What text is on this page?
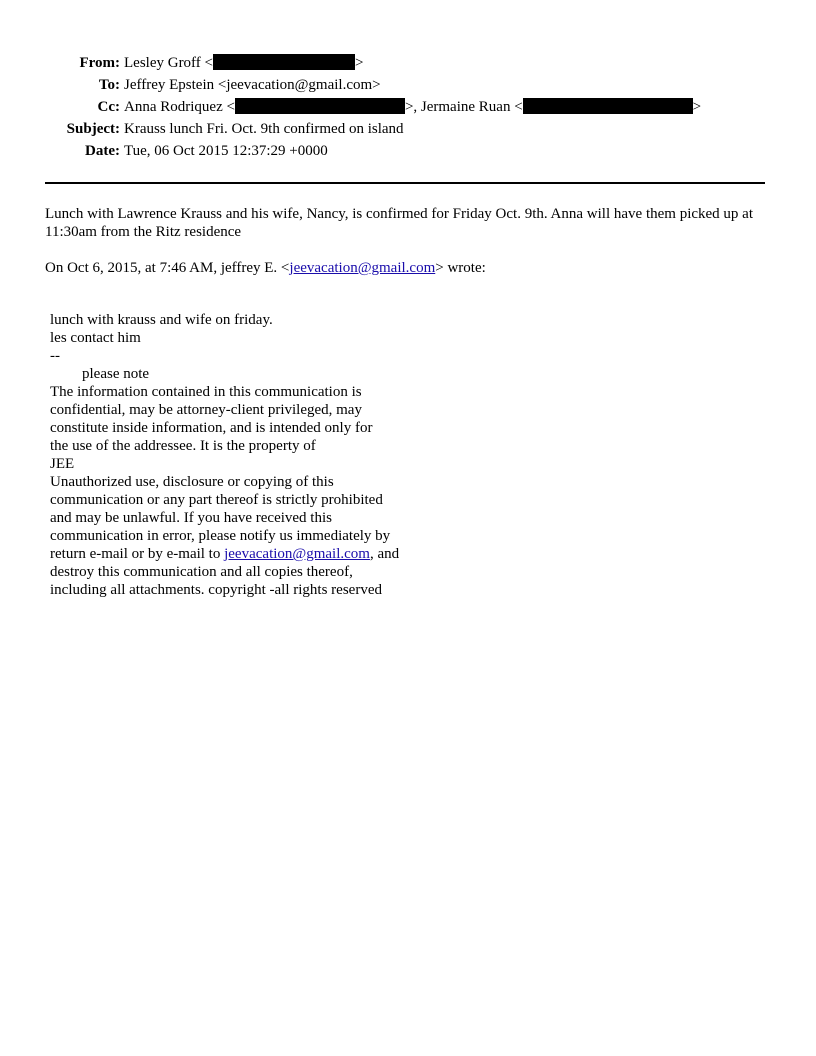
From: Lesley Groff <	>
To: Jeffrey Epstein <jeevacation@gmail.com>
Cc: Anna Rodriquez <	>, Jermaine Ruan <	>
Subject: Krauss lunch Fri. Oct. 9th confirmed on island
Date: Tue, 06 Oct 2015 12:37:29 +0000
Lunch with Lawrence Krauss and his wife, Nancy, is confirmed for Friday Oct. 9th. Anna will have them picked up at 11:30am from the Ritz residence
On Oct 6, 2015, at 7:46 AM, jeffrey E. <jeevacation@gmail.com> wrote:
lunch with krauss and wife on friday.
les contact him
--
please note
The information contained in this communication is
confidential, may be attorney-client privileged, may
constitute inside information, and is intended only for
the use of the addressee. It is the property of
JEE
Unauthorized use, disclosure or copying of this
communication or any part thereof is strictly prohibited
and may be unlawful. If you have received this
communication in error, please notify us immediately by
return e-mail or by e-mail to jeevacation@gmail.com, and
destroy this communication and all copies thereof,
including all attachments. copyright -all rights reserved
